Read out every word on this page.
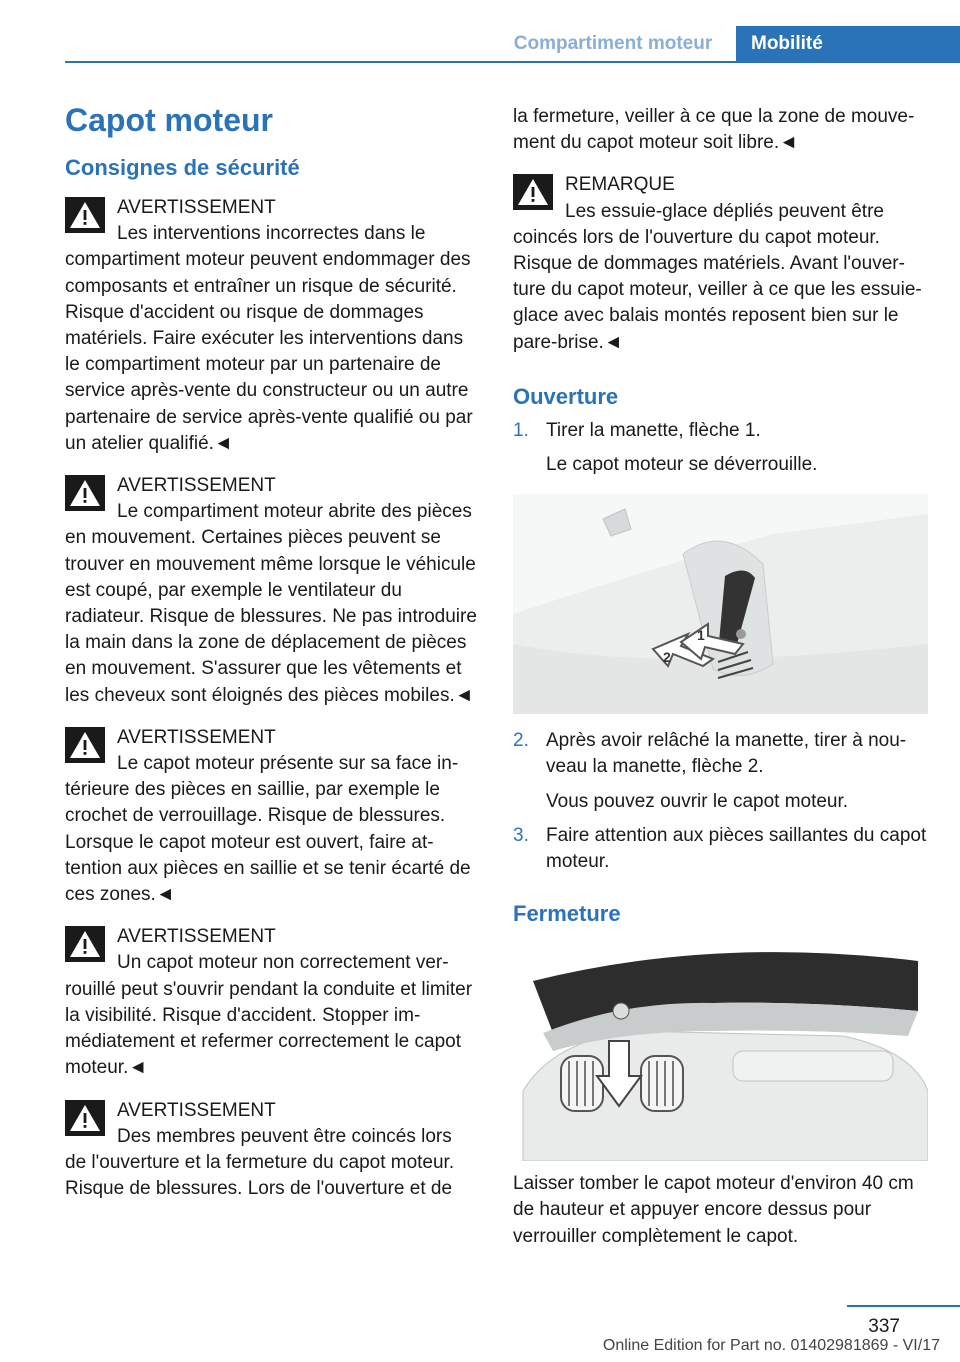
Compartiment moteur	Mobilité
Capot moteur
Consignes de sécurité
AVERTISSEMENT
Les interventions incorrectes dans le compartiment moteur peuvent endommager des composants et entraîner un risque de sécurité. Risque d'accident ou risque de dommages matériels. Faire exécuter les interventions dans le compartiment moteur par un partenaire de service après-vente du constructeur ou un autre partenaire de service après-vente qualifié ou par un atelier qualifié.◄
AVERTISSEMENT
Le compartiment moteur abrite des pièces en mouvement. Certaines pièces peuvent se trouver en mouvement même lorsque le véhicule est coupé, par exemple le ventilateur du radiateur. Risque de blessures. Ne pas introduire la main dans la zone de déplacement de pièces en mouvement. S'assurer que les vêtements et les cheveux sont éloignés des pièces mobiles.◄
AVERTISSEMENT
Le capot moteur présente sur sa face intérieure des pièces en saillie, par exemple le crochet de verrouillage. Risque de blessures. Lorsque le capot moteur est ouvert, faire attention aux pièces en saillie et se tenir écarté de ces zones.◄
AVERTISSEMENT
Un capot moteur non correctement verrouillé peut s'ouvrir pendant la conduite et limiter la visibilité. Risque d'accident. Stopper immédiatement et refermer correctement le capot moteur.◄
AVERTISSEMENT
Des membres peuvent être coincés lors de l'ouverture et la fermeture du capot moteur. Risque de blessures. Lors de l'ouverture et de

la fermeture, veiller à ce que la zone de mouvement du capot moteur soit libre.◄

REMARQUE
Les essuie-glace dépliés peuvent être coincés lors de l'ouverture du capot moteur. Risque de dommages matériels. Avant l'ouverture du capot moteur, veiller à ce que les essuie-glace avec balais montés reposent bien sur le pare-brise.◄
Ouverture
1. Tirer la manette, flèche 1.
Le capot moteur se déverrouille.
1
2
2. Après avoir relâché la manette, tirer à nouveau la manette, flèche 2.
Vous pouvez ouvrir le capot moteur.
3. Faire attention aux pièces saillantes du capot moteur.
Fermeture

Laisser tomber le capot moteur d'environ 40 cm de hauteur et appuyer encore dessus pour verrouiller complètement le capot.

337
Online Edition for Part no. 01402981869 - VI/17
